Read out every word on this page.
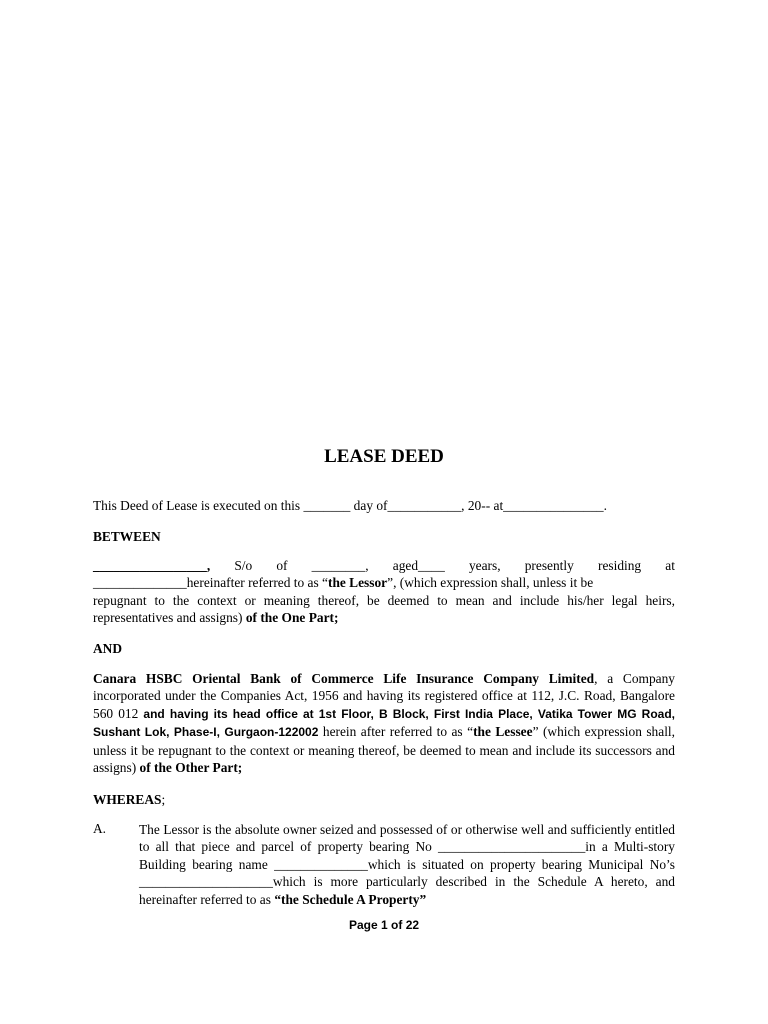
LEASE DEED

This Deed of Lease is executed on this _______ day of___________, 20-- at_______________.

BETWEEN

_________________, S/o of ________, aged____ years, presently residing at
______________hereinafter referred to as “the Lessor”, (which expression shall, unless it be
repugnant to the context or meaning thereof, be deemed to mean and include his/her legal heirs, representatives and assigns) of the One Part;

AND

Canara HSBC Oriental Bank of Commerce Life Insurance Company Limited, a Company incorporated under the Companies Act, 1956 and having its registered office at 112, J.C. Road, Bangalore 560 012 and having its head office at 1st Floor, B Block, First India Place, Vatika Tower MG Road, Sushant Lok, Phase-I, Gurgaon-122002 herein after referred to as “the Lessee” (which expression shall, unless it be repugnant to the context or meaning thereof, be deemed to mean and include its successors and assigns) of the Other Part;

WHEREAS;

A. The Lessor is the absolute owner seized and possessed of or otherwise well and sufficiently entitled to all that piece and parcel of property bearing No ______________________in a Multi-story Building bearing name ______________which is situated on property bearing Municipal No’s ____________________which is more particularly described in the Schedule A hereto, and hereinafter referred to as “the Schedule A Property”
Page 1 of 22
